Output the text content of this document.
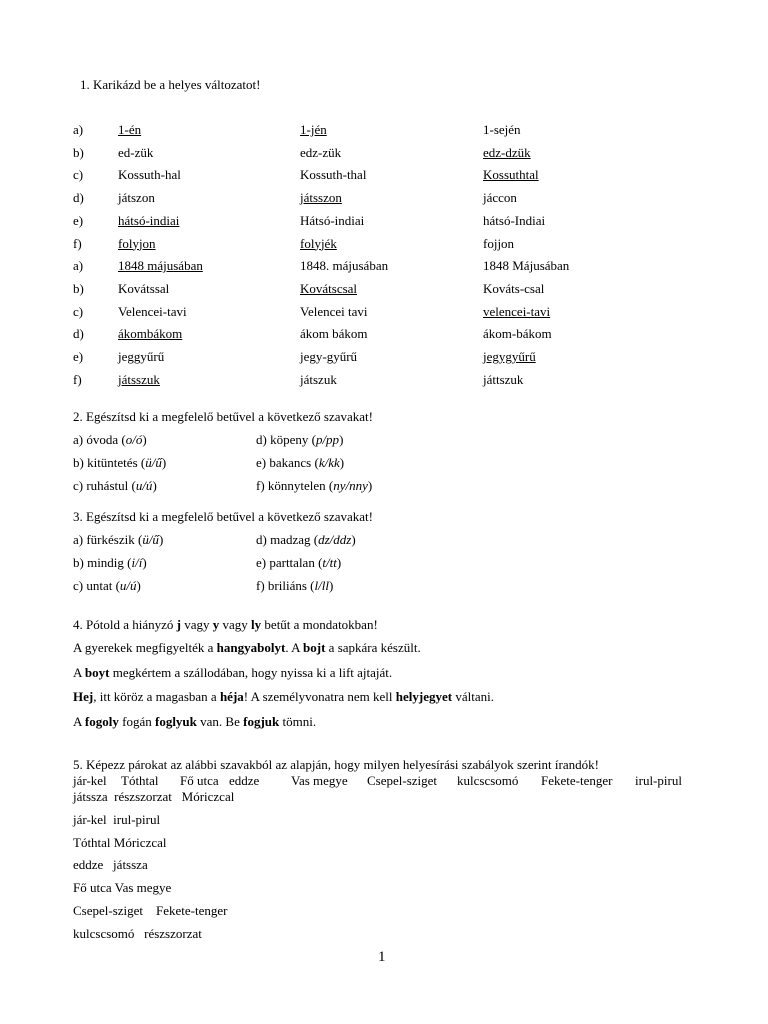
1. Karikázd be a helyes változatot!
a)	1-én	1-jén	1-sején
b)	ed-zük	edz-zük	edz-dzük
c)	Kossuth-hal	Kossuth-thal	Kossuthtal
d)	játszon	játsszon	jáccon
e)	hátsó-indiai	Hátsó-indiai	hátsó-Indiai
f)	folyjon	folyjék	fojjon
a)	1848 májusában	1848. májusában	1848 Májusában
b)	Kovátssal	Kovátscsal	Kováts-csal
c)	Velencei-tavi	Velencei tavi	velencei-tavi
d)	ákombákom	ákom bákom	ákom-bákom
e)	jeggyűrű	jegy-gyűrű	jegygyűrű
f)	játsszuk	játszuk	játtszuk
2. Egészítsd ki a megfelelő betűvel a következő szavakat!
a) óvoda (o/ó)	d) köpeny (p/pp)
b) kitüntetés (ü/ű)	e) bakancs (k/kk)
c) ruhástul (u/ú)	f) könnytelen (ny/nny)
3. Egészítsd ki a megfelelő betűvel a következő szavakat!
a) fürkészik (ü/ű)	d) madzag (dz/ddz)
b) mindig (i/í)	e) parttalan (t/tt)
c) untat (u/ú)	f) briliáns (l/ll)
4. Pótold a hiányzó j vagy y vagy ly betűt a mondatokban!
A gyerekek megfigyelték a hangyabolyt. A bojt a sapkára készült.
A boyt megkértem a szállodában, hogy nyissa ki a lift ajtaját.
Hej, itt köröz a magasban a héja! A személyvonatra nem kell helyjegyet váltani.
A fogoly fogán foglyuk van. Be fogjuk tömni.
5. Képezz párokat az alábbi szavakból az alapján, hogy milyen helyesírási szabályok szerint írandók!
jár-kel Tóthtal Fő utca eddze Vas megye Csepel-sziget kulcscsomó Fekete-tenger irul-pirul
játssza  részszorzat   Móriczcal
jár-kel  irul-pirul
Tóthtal Móriczcal
eddze   játssza
Fő utca Vas megye
Csepel-sziget    Fekete-tenger
kulcscsomó   részszorzat
1
